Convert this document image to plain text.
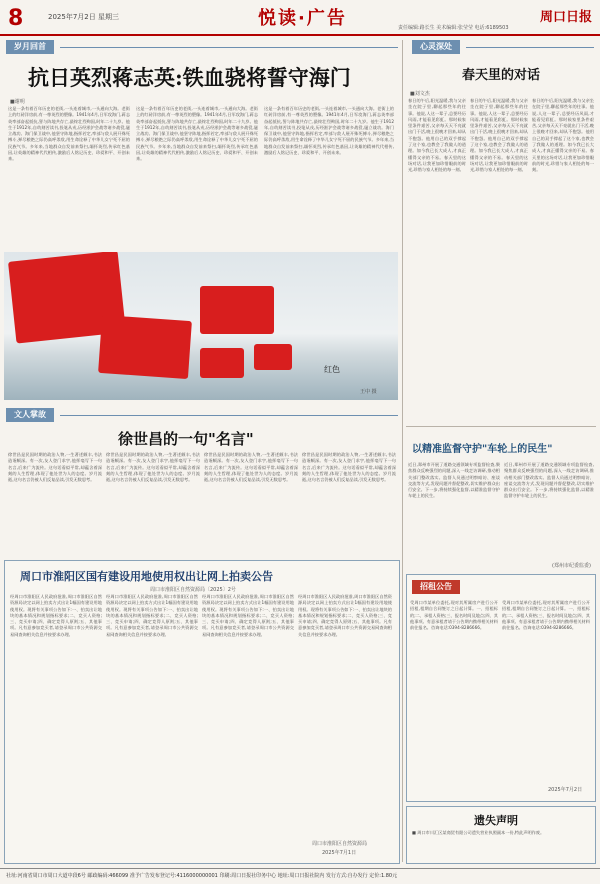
8	2025年7月2日 星期三	悦读·广告	周口日报
责任编辑:路长生 美术编辑:张莹莹 电话:6189503
岁月回首
抗日英烈蒋志英:铁血骁将誓守海门
■谢明
这是一条有着百年历史的老街,一头连着城市,一头通向大海。老街上的红砖洋房前,有一尊英烈的塑像。1941年4月,日军攻海门,蒋志英率部奋起抵抗,誓与阵地共存亡,最终壮烈殉国,时年二十九岁。他生于1912年,自幼刻苦读书,投笔从戎,历经淞沪会战等诸多战役,屡立战功。海门保卫战中,他坚守阵地,指挥若定,率部与敌人展开殊死搏斗,弹尽粮绝之际仍高呼杀敌,用生命诠释了中华儿女宁死不屈的民族气节。多年来,当地群众自发前来祭扫,缅怀英烈,传承红色基因,让英雄的精神代代相传,激励后人铭记历史、珍爱和平、开创未来。
这是一条有着百年历史的老街,一头连着城市,一头通向大海。老街上的红砖洋房前,有一尊英烈的塑像。1941年4月,日军攻海门,蒋志英率部奋起抵抗,誓与阵地共存亡,最终壮烈殉国,时年二十九岁。他生于1912年,自幼刻苦读书,投笔从戎,历经淞沪会战等诸多战役,屡立战功。海门保卫战中,他坚守阵地,指挥若定,率部与敌人展开殊死搏斗,弹尽粮绝之际仍高呼杀敌,用生命诠释了中华儿女宁死不屈的民族气节。多年来,当地群众自发前来祭扫,缅怀英烈,传承红色基因,让英雄的精神代代相传,激励后人铭记历史、珍爱和平、开创未来。
这是一条有着百年历史的老街,一头连着城市,一头通向大海。老街上的红砖洋房前,有一尊英烈的塑像。1941年4月,日军攻海门,蒋志英率部奋起抵抗,誓与阵地共存亡,最终壮烈殉国,时年二十九岁。他生于1912年,自幼刻苦读书,投笔从戎,历经淞沪会战等诸多战役,屡立战功。海门保卫战中,他坚守阵地,指挥若定,率部与敌人展开殊死搏斗,弹尽粮绝之际仍高呼杀敌,用生命诠释了中华儿女宁死不屈的民族气节。多年来,当地群众自发前来祭扫,缅怀英烈,传承红色基因,让英雄的精神代代相传,激励后人铭记历史、珍爱和平、开创未来。
红色
王中 摄
文人掌故
徐世昌的一句"名言"
徐世昌是民国时期的政治人物,一生著述颇丰,书法造诣颇深。有一次,友人登门求字,他挥毫写下一句名言,后来广为流传。这句话看似平常,却蕴含着深刻的人生哲理,体现了他处世为人的态度。岁月流逝,这句名言仍被人们反复品读,引发无数思考。
徐世昌是民国时期的政治人物,一生著述颇丰,书法造诣颇深。有一次,友人登门求字,他挥毫写下一句名言,后来广为流传。这句话看似平常,却蕴含着深刻的人生哲理,体现了他处世为人的态度。岁月流逝,这句名言仍被人们反复品读,引发无数思考。
徐世昌是民国时期的政治人物,一生著述颇丰,书法造诣颇深。有一次,友人登门求字,他挥毫写下一句名言,后来广为流传。这句话看似平常,却蕴含着深刻的人生哲理,体现了他处世为人的态度。岁月流逝,这句名言仍被人们反复品读,引发无数思考。
徐世昌是民国时期的政治人物,一生著述颇丰,书法造诣颇深。有一次,友人登门求字,他挥毫写下一句名言,后来广为流传。这句话看似平常,却蕴含着深刻的人生哲理,体现了他处世为人的态度。岁月流逝,这句名言仍被人们反复品读,引发无数思考。
心灵深处
春天里的对话
■刘文杰
春日的午后,阳光温暖,我与父亲坐在院子里,聊起那些年的往事。他说,人这一辈子,总要经历风雨,才能看见彩虹。那时候家里条件艰苦,父亲每天天不亮就出门干活,晚上很晚才回来,却从不抱怨。他用自己的双手撑起了这个家,也教会了我做人的道理。如今我已长大成人,才真正懂得父亲的不易。春天里的这场对话,让我更加珍惜眼前的时光,珍惜与家人相处的每一刻。
春日的午后,阳光温暖,我与父亲坐在院子里,聊起那些年的往事。他说,人这一辈子,总要经历风雨,才能看见彩虹。那时候家里条件艰苦,父亲每天天不亮就出门干活,晚上很晚才回来,却从不抱怨。他用自己的双手撑起了这个家,也教会了我做人的道理。如今我已长大成人,才真正懂得父亲的不易。春天里的这场对话,让我更加珍惜眼前的时光,珍惜与家人相处的每一刻。
春日的午后,阳光温暖,我与父亲坐在院子里,聊起那些年的往事。他说,人这一辈子,总要经历风雨,才能看见彩虹。那时候家里条件艰苦,父亲每天天不亮就出门干活,晚上很晚才回来,却从不抱怨。他用自己的双手撑起了这个家,也教会了我做人的道理。如今我已长大成人,才真正懂得父亲的不易。春天里的这场对话,让我更加珍惜眼前的时光,珍惜与家人相处的每一刻。
以精准监督守护"车轮上的民生"
近日,郑州市开展了道路交通领域专项监督检查,聚焦群众反映强烈的问题,深入一线走访调研,推动相关部门整改落实。监督人员通过明察暗访、座谈交流等方式,发现问题并督促整改,切实维护群众出行安全。下一步,将持续强化监督,以精准监督守护车轮上的民生。
近日,郑州市开展了道路交通领域专项监督检查,聚焦群众反映强烈的问题,深入一线走访调研,推动相关部门整改落实。监督人员通过明察暗访、座谈交流等方式,发现问题并督促整改,切实维护群众出行安全。下一步,将持续强化监督,以精准监督守护车轮上的民生。
(郑州市纪委监委)
周口市淮阳区国有建设用地使用权出让网上拍卖公告
周口市淮阳区自然资源局〔2025〕2号
经周口市淮阳区人民政府批准,周口市淮阳区自然资源局决定以网上拍卖方式出让1幅国有建设用地使用权。现将有关事项公告如下:一、拍卖出让地块的基本情况和规划指标要求;二、竞买人资格;三、竞买申请;四、确定竞得人原则;五、其他事项。凡有意参加竞买者,请登录周口市公共资源交易网查询相关信息并按要求办理。
经周口市淮阳区人民政府批准,周口市淮阳区自然资源局决定以网上拍卖方式出让1幅国有建设用地使用权。现将有关事项公告如下:一、拍卖出让地块的基本情况和规划指标要求;二、竞买人资格;三、竞买申请;四、确定竞得人原则;五、其他事项。凡有意参加竞买者,请登录周口市公共资源交易网查询相关信息并按要求办理。
经周口市淮阳区人民政府批准,周口市淮阳区自然资源局决定以网上拍卖方式出让1幅国有建设用地使用权。现将有关事项公告如下:一、拍卖出让地块的基本情况和规划指标要求;二、竞买人资格;三、竞买申请;四、确定竞得人原则;五、其他事项。凡有意参加竞买者,请登录周口市公共资源交易网查询相关信息并按要求办理。
经周口市淮阳区人民政府批准,周口市淮阳区自然资源局决定以网上拍卖方式出让1幅国有建设用地使用权。现将有关事项公告如下:一、拍卖出让地块的基本情况和规划指标要求;二、竞买人资格;三、竞买申请;四、确定竞得人原则;五、其他事项。凡有意参加竞买者,请登录周口市公共资源交易网查询相关信息并按要求办理。
周口市淮阳区自然资源局
2025年7月1日
招租公告
受周口市某单位委托,现对其所属房产进行公开招租,租期自合同签订之日起计算。一、招租标的;二、承租人资格;三、报名时间及地点;四、其他事项。有意承租者请于公告期内携带相关材料前往报名。咨询电话:0394-8286666。
受周口市某单位委托,现对其所属房产进行公开招租,租期自合同签订之日起计算。一、招租标的;二、承租人资格;三、报名时间及地点;四、其他事项。有意承租者请于公告期内携带相关材料前往报名。咨询电话:0394-8286666。
2025年7月2日
遗失声明
■ 周口市川汇区某商贸有限公司遗失营业执照副本一份,特此声明作废。
社址:河南省周口市周口大道中段6号 邮政编码:466099 准予广告发布登记号:4116000000001 印刷:周口日报社印务中心 地址:周口日报社院内 发行方式:自办发行 定价:1.80元
